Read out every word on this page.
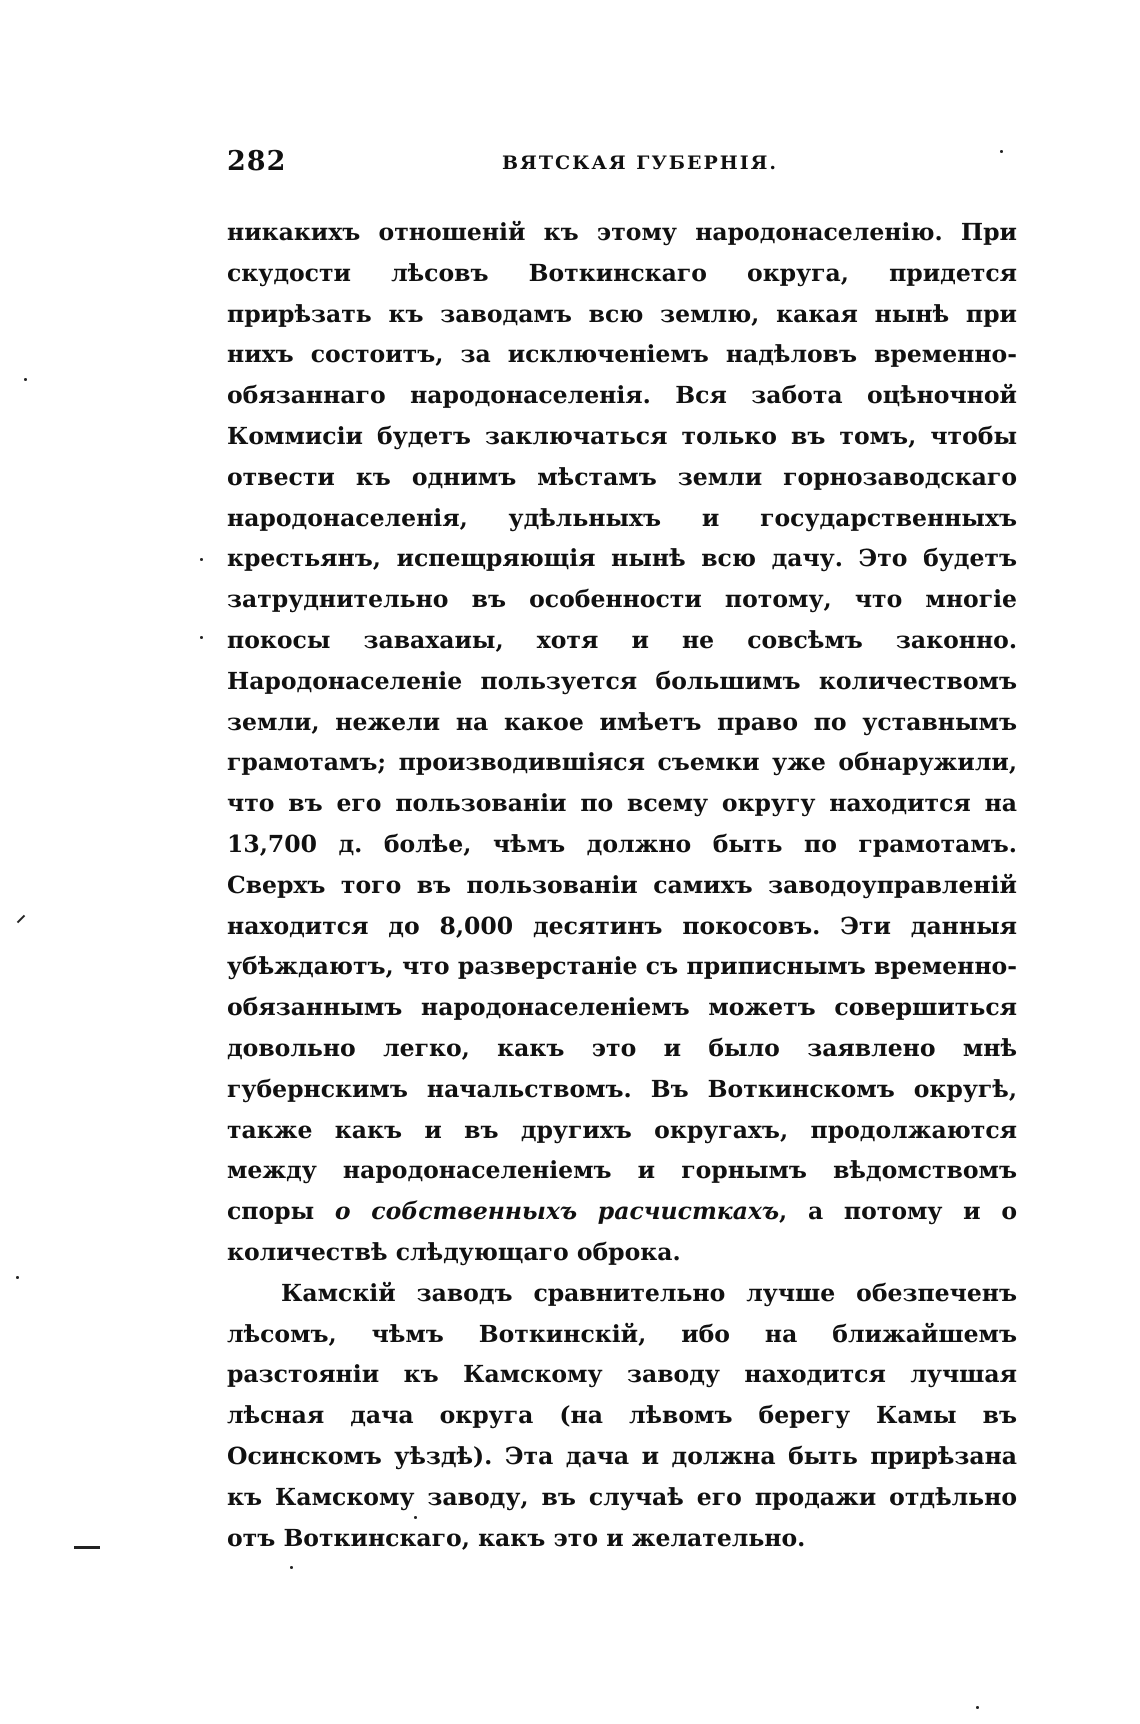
282	ВЯТСКАЯ ГУБЕРНІЯ.

никакихъ отношеній къ этому народонаселенію. При скудости лѣсовъ Воткинскаго округа, придется прирѣзать къ заводамъ всю землю, какая нынѣ при нихъ состоитъ, за исключеніемъ надѣловъ временно-обязаннаго народонаселенія. Вся забота оцѣночной Коммисіи будетъ заключаться только въ томъ, чтобы отвести къ однимъ мѣстамъ земли горнозаводскаго народонаселенія, удѣльныхъ и государственныхъ крестьянъ, испещряющія нынѣ всю дачу. Это будетъ затруднительно въ особенности потому, что многіе покосы завахаиы, хотя и не совсѣмъ законно. Народонаселеніе пользуется большимъ количествомъ земли, нежели на какое имѣетъ право по уставнымъ грамотамъ; производившіяся съемки уже обнаружили, что въ его пользованіи по всему округу находится на 13,700 д. болѣе, чѣмъ должно быть по грамотамъ. Сверхъ того въ пользованіи самихъ заводоуправленій находится до 8,000 десятинъ покосовъ. Эти данныя убѣждаютъ, что разверстаніе съ приписнымъ временно-обязаннымъ народонаселеніемъ можетъ совершиться довольно легко, какъ это и было заявлено мнѣ губернскимъ начальствомъ. Въ Воткинскомъ округѣ, также какъ и въ другихъ округахъ, продолжаются между народонаселеніемъ и горнымъ вѣдомствомъ споры о собственныхъ расчисткахъ, а потому и о количествѣ слѣдующаго оброка.

Камскій заводъ сравнительно лучше обезпеченъ лѣсомъ, чѣмъ Воткинскій, ибо на ближайшемъ разстояніи къ Камскому заводу находится лучшая лѣсная дача округа (на лѣвомъ берегу Камы въ Осинскомъ уѣздѣ). Эта дача и должна быть прирѣзана къ Камскому заводу, въ случаѣ его продажи отдѣльно отъ Воткинскаго, какъ это и желательно.
